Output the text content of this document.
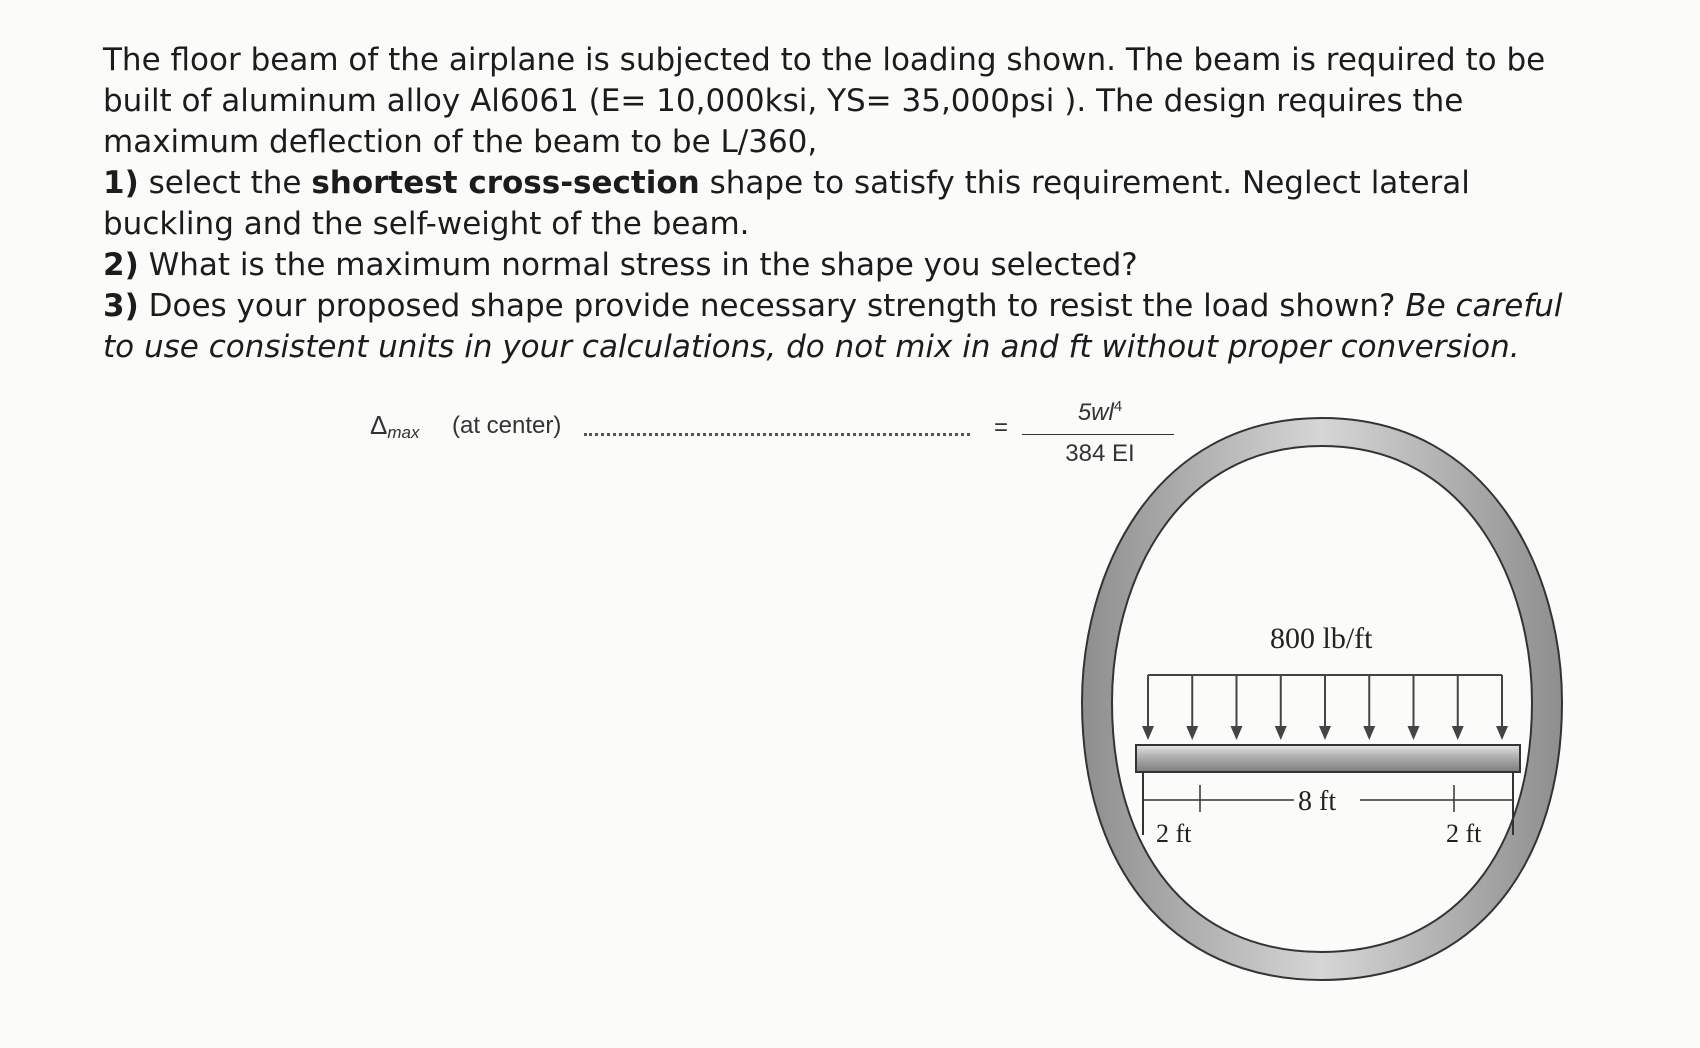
The floor beam of the airplane is subjected to the loading shown. The beam is required to be built of aluminum alloy Al6061 (E= 10,000ksi, YS= 35,000psi ). The design requires the maximum deflection of the beam to be L/360,

1) select the shortest cross-section shape to satisfy this requirement. Neglect lateral buckling and the self-weight of the beam.

2) What is the maximum normal stress in the shape you selected?

3) Does your proposed shape provide necessary strength to resist the load shown? Be careful to use consistent units in your calculations, do not mix in and ft without proper conversion.

$\Delta_{max}$ (at center)	=
$5wl^4$
384 EI
800 lb/ft
8 ft
2 ft	2 ft
